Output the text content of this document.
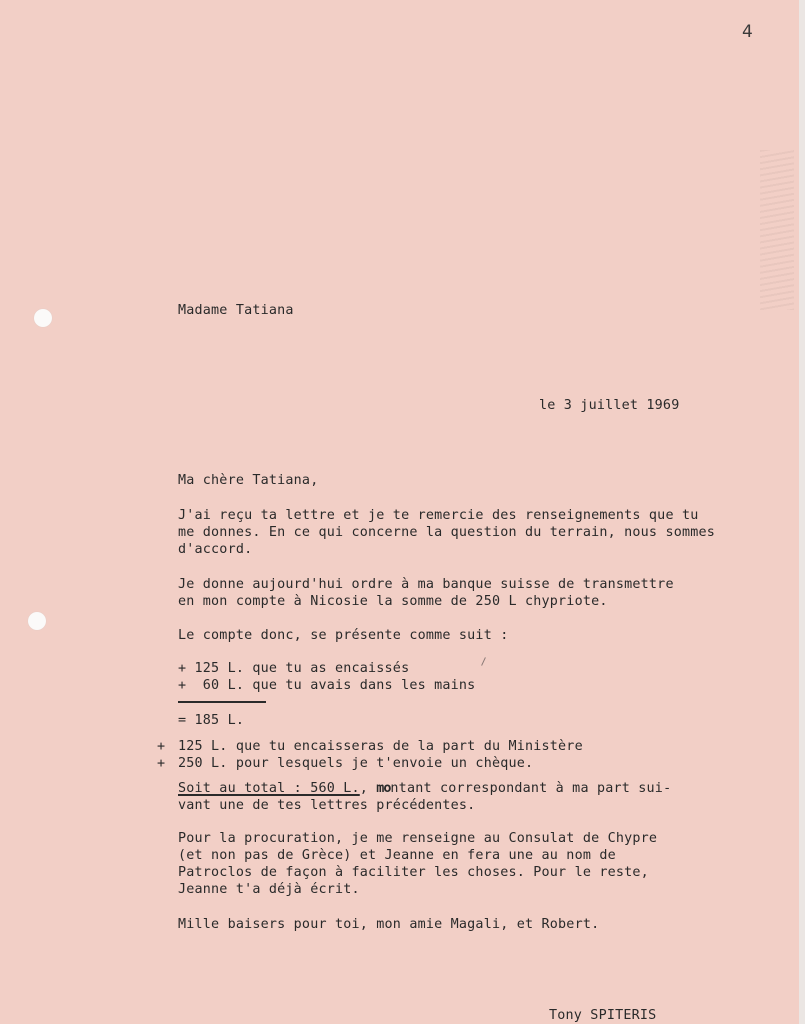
4
Madame Tatiana
le 3 juillet 1969
Ma chère Tatiana,
J'ai reçu ta lettre et je te remercie des renseignements que tu
me donnes. En ce qui concerne la question du terrain, nous sommes
d'accord.
Je donne aujourd'hui ordre à ma banque suisse de transmettre
en mon compte à Nicosie la somme de 250 L chypriote.
Le compte donc, se présente comme suit :
+ 125 L. que tu as encaissés
+  60 L. que tu avais dans les mains
= 185 L.
+ 125 L. que tu encaisseras de la part du Ministère
+ 250 L. pour lesquels je t'envoie un chèque.
Soit au total : 560 L., montant correspondant à ma part sui-
vant une de tes lettres précédentes.
Pour la procuration, je me renseigne au Consulat de Chypre
(et non pas de Grèce) et Jeanne en fera une au nom de
Patroclos de façon à faciliter les choses. Pour le reste,
Jeanne t'a déjà écrit.
Mille baisers pour toi, mon amie Magali, et Robert.
Tony SPITERIS
